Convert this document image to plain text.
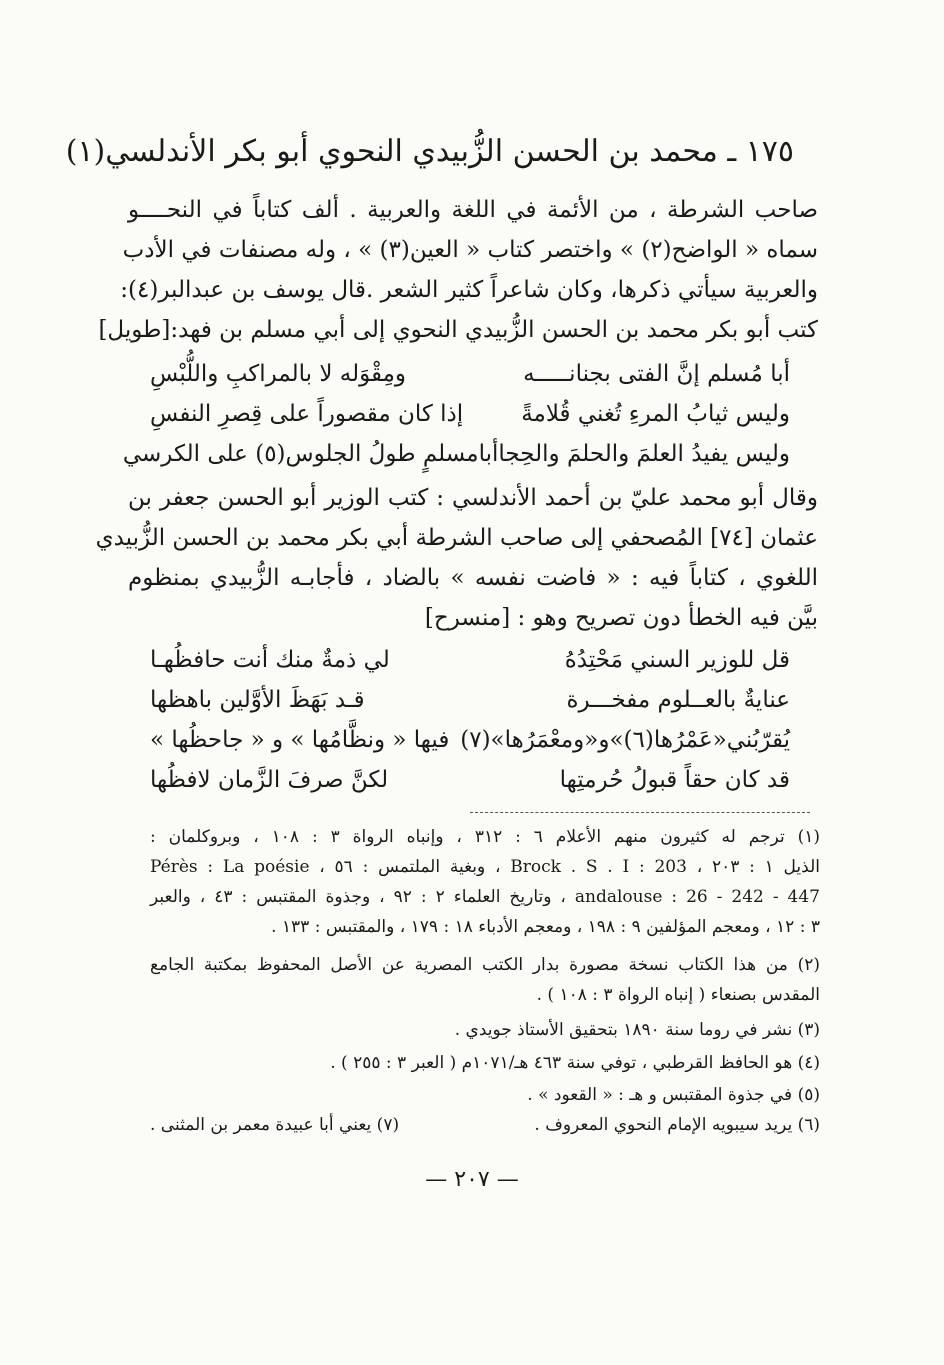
١٧٥ ـ محمد بن الحسن الزُّبيدي النحوي أبو بكر الأندلسي(١)
صاحب الشرطة ، من الأئمة في اللغة والعربية . ألف كتاباً في النحــــو
سماه « الواضح(٢) » واختصر كتاب « العين(٣) » ، وله مصنفات في الأدب
والعربية سيأتي ذكرها، وكان شاعراً كثير الشعر .قال يوسف بن عبدالبر(٤):
كتب أبو بكر محمد بن الحسن الزُّبيدي النحوي إلى أبي مسلم بن فهد:[طويل]
أبا مُسلم إنَّ الفتى بجنانـــــه
ومِقْوَله لا بالمراكبِ واللُّبْسِ
وليس ثيابُ المرءِ تُغني قُلامةً
إذا كان مقصوراً على قِصرِ النفسِ
وليس يفيدُ العلمَ والحلمَ والحِجا
أبامسلمٍ طولُ الجلوس(٥) على الكرسي
وقال أبو محمد عليّ بن أحمد الأندلسي : كتب الوزير أبو الحسن جعفر بن
عثمان [٧٤] المُصحفي إلى صاحب الشرطة أبي بكر محمد بن الحسن الزُّبيدي
اللغوي ، كتاباً فيه : « فاضت نفسه » بالضاد ، فأجابـه الزُّبيدي بمنظوم
بيَّن فيه الخطأ دون تصريح وهو : [منسرح]
قل للوزير السني مَحْتِدُهُ
لي ذمةٌ منك أنت حافظُهـا
عنايةٌ بالعــلوم مفخـــرة
قـد بَهَظَ الأوَّلين باهظها
يُقرّبُني«عَمْرُها(٦)»و«ومعْمَرُها»(٧)
فيها « ونظَّامُها » و « جاحظُها »
قد كان حقاً قبولُ حُرمتِها
لكنَّ صرفَ الزَّمان لافظُها
(١) ترجم له كثيرون منهم الأعلام ٦ : ٣١٢ ، وإنباه الرواة ٣ : ١٠٨ ، وبروكلمان :
الذيل ١ : ٢٠٣ ، Brock . S . I : 203 ، وبغية الملتمس : ٥٦ ، Pérès : La poésie
andalouse : 26 - 242 - 447 ، وتاريخ العلماء ٢ : ٩٢ ، وجذوة المقتبس : ٤٣ ، والعبر
٣ : ١٢ ، ومعجم المؤلفين ٩ : ١٩٨ ، ومعجم الأدباء ١٨ : ١٧٩ ، والمقتبس : ١٣٣ .
(٢) من هذا الكتاب نسخة مصورة بدار الكتب المصرية عن الأصل المحفوظ بمكتبة الجامع
المقدس بصنعاء ( إنباه الرواة ٣ : ١٠٨ ) .
(٣) نشر في روما سنة ١٨٩٠ بتحقيق الأستاذ جويدي .
(٤) هو الحافظ القرطبي ، توفي سنة ٤٦٣ هـ/١٠٧١م ( العبر ٣ : ٢٥٥ ) .
(٥) في جذوة المقتبس و هـ : « القعود » .
(٦) يريد سيبويه الإمام النحوي المعروف .
(٧) يعني أبا عبيدة معمر بن المثنى .
— ٢٠٧ —
